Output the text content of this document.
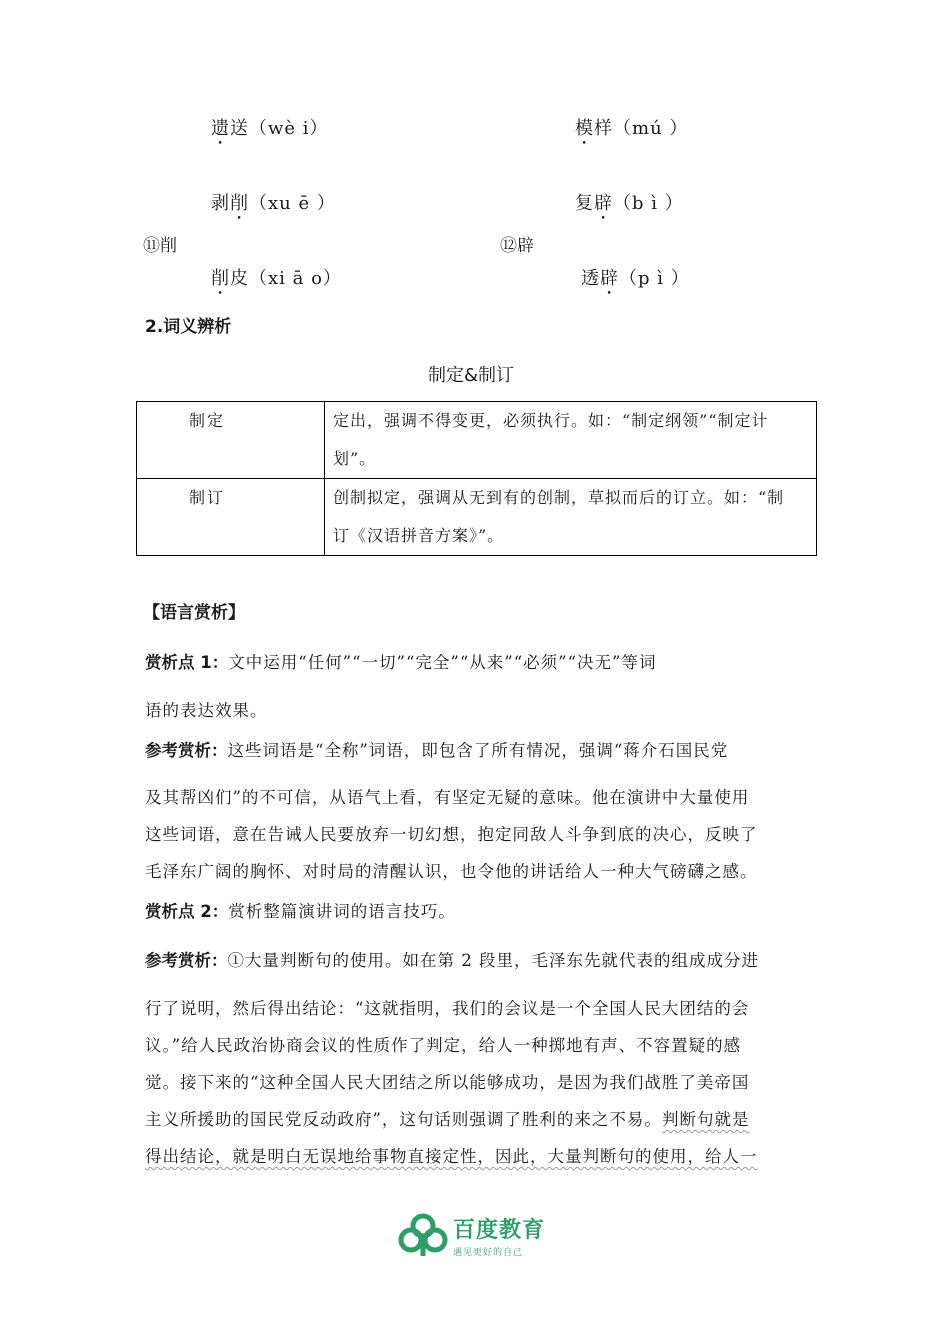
遗送（wè i）	模样（mú ）
剥削（xu ē ）	复辟（b ì ）
⑪削	⑫辟
削皮（xi ā o）	透辟（p ì ）
2.词义辨析
制定&制订
制定	定出，强调不得变更，必须执行。如：“制定纲领”“制定计
划”。

制订	创制拟定，强调从无到有的创制，草拟而后的订立。如：“制
订《汉语拼音方案》”。
【语言赏析】
赏析点 1：文中运用“任何”“一切”“完全”“从来”“必须”“决无”等词
语的表达效果。
参考赏析：这些词语是“全称”词语，即包含了所有情况，强调“蒋介石国民党
及其帮凶们”的不可信，从语气上看，有坚定无疑的意味。他在演讲中大量使用
这些词语，意在告诫人民要放弃一切幻想，抱定同敌人斗争到底的决心，反映了
毛泽东广阔的胸怀、对时局的清醒认识，也令他的讲话给人一种大气磅礴之感。
赏析点 2：赏析整篇演讲词的语言技巧。
参考赏析：①大量判断句的使用。如在第 2 段里，毛泽东先就代表的组成成分进
行了说明，然后得出结论：“这就指明，我们的会议是一个全国人民大团结的会
议。”给人民政治协商会议的性质作了判定，给人一种掷地有声、不容置疑的感
觉。接下来的“这种全国人民大团结之所以能够成功，是因为我们战胜了美帝国
主义所援助的国民党反动政府”，这句话则强调了胜利的来之不易。判断句就是
得出结论，就是明白无误地给事物直接定性，因此，大量判断句的使用，给人一
百度教育
遇见更好的自己
